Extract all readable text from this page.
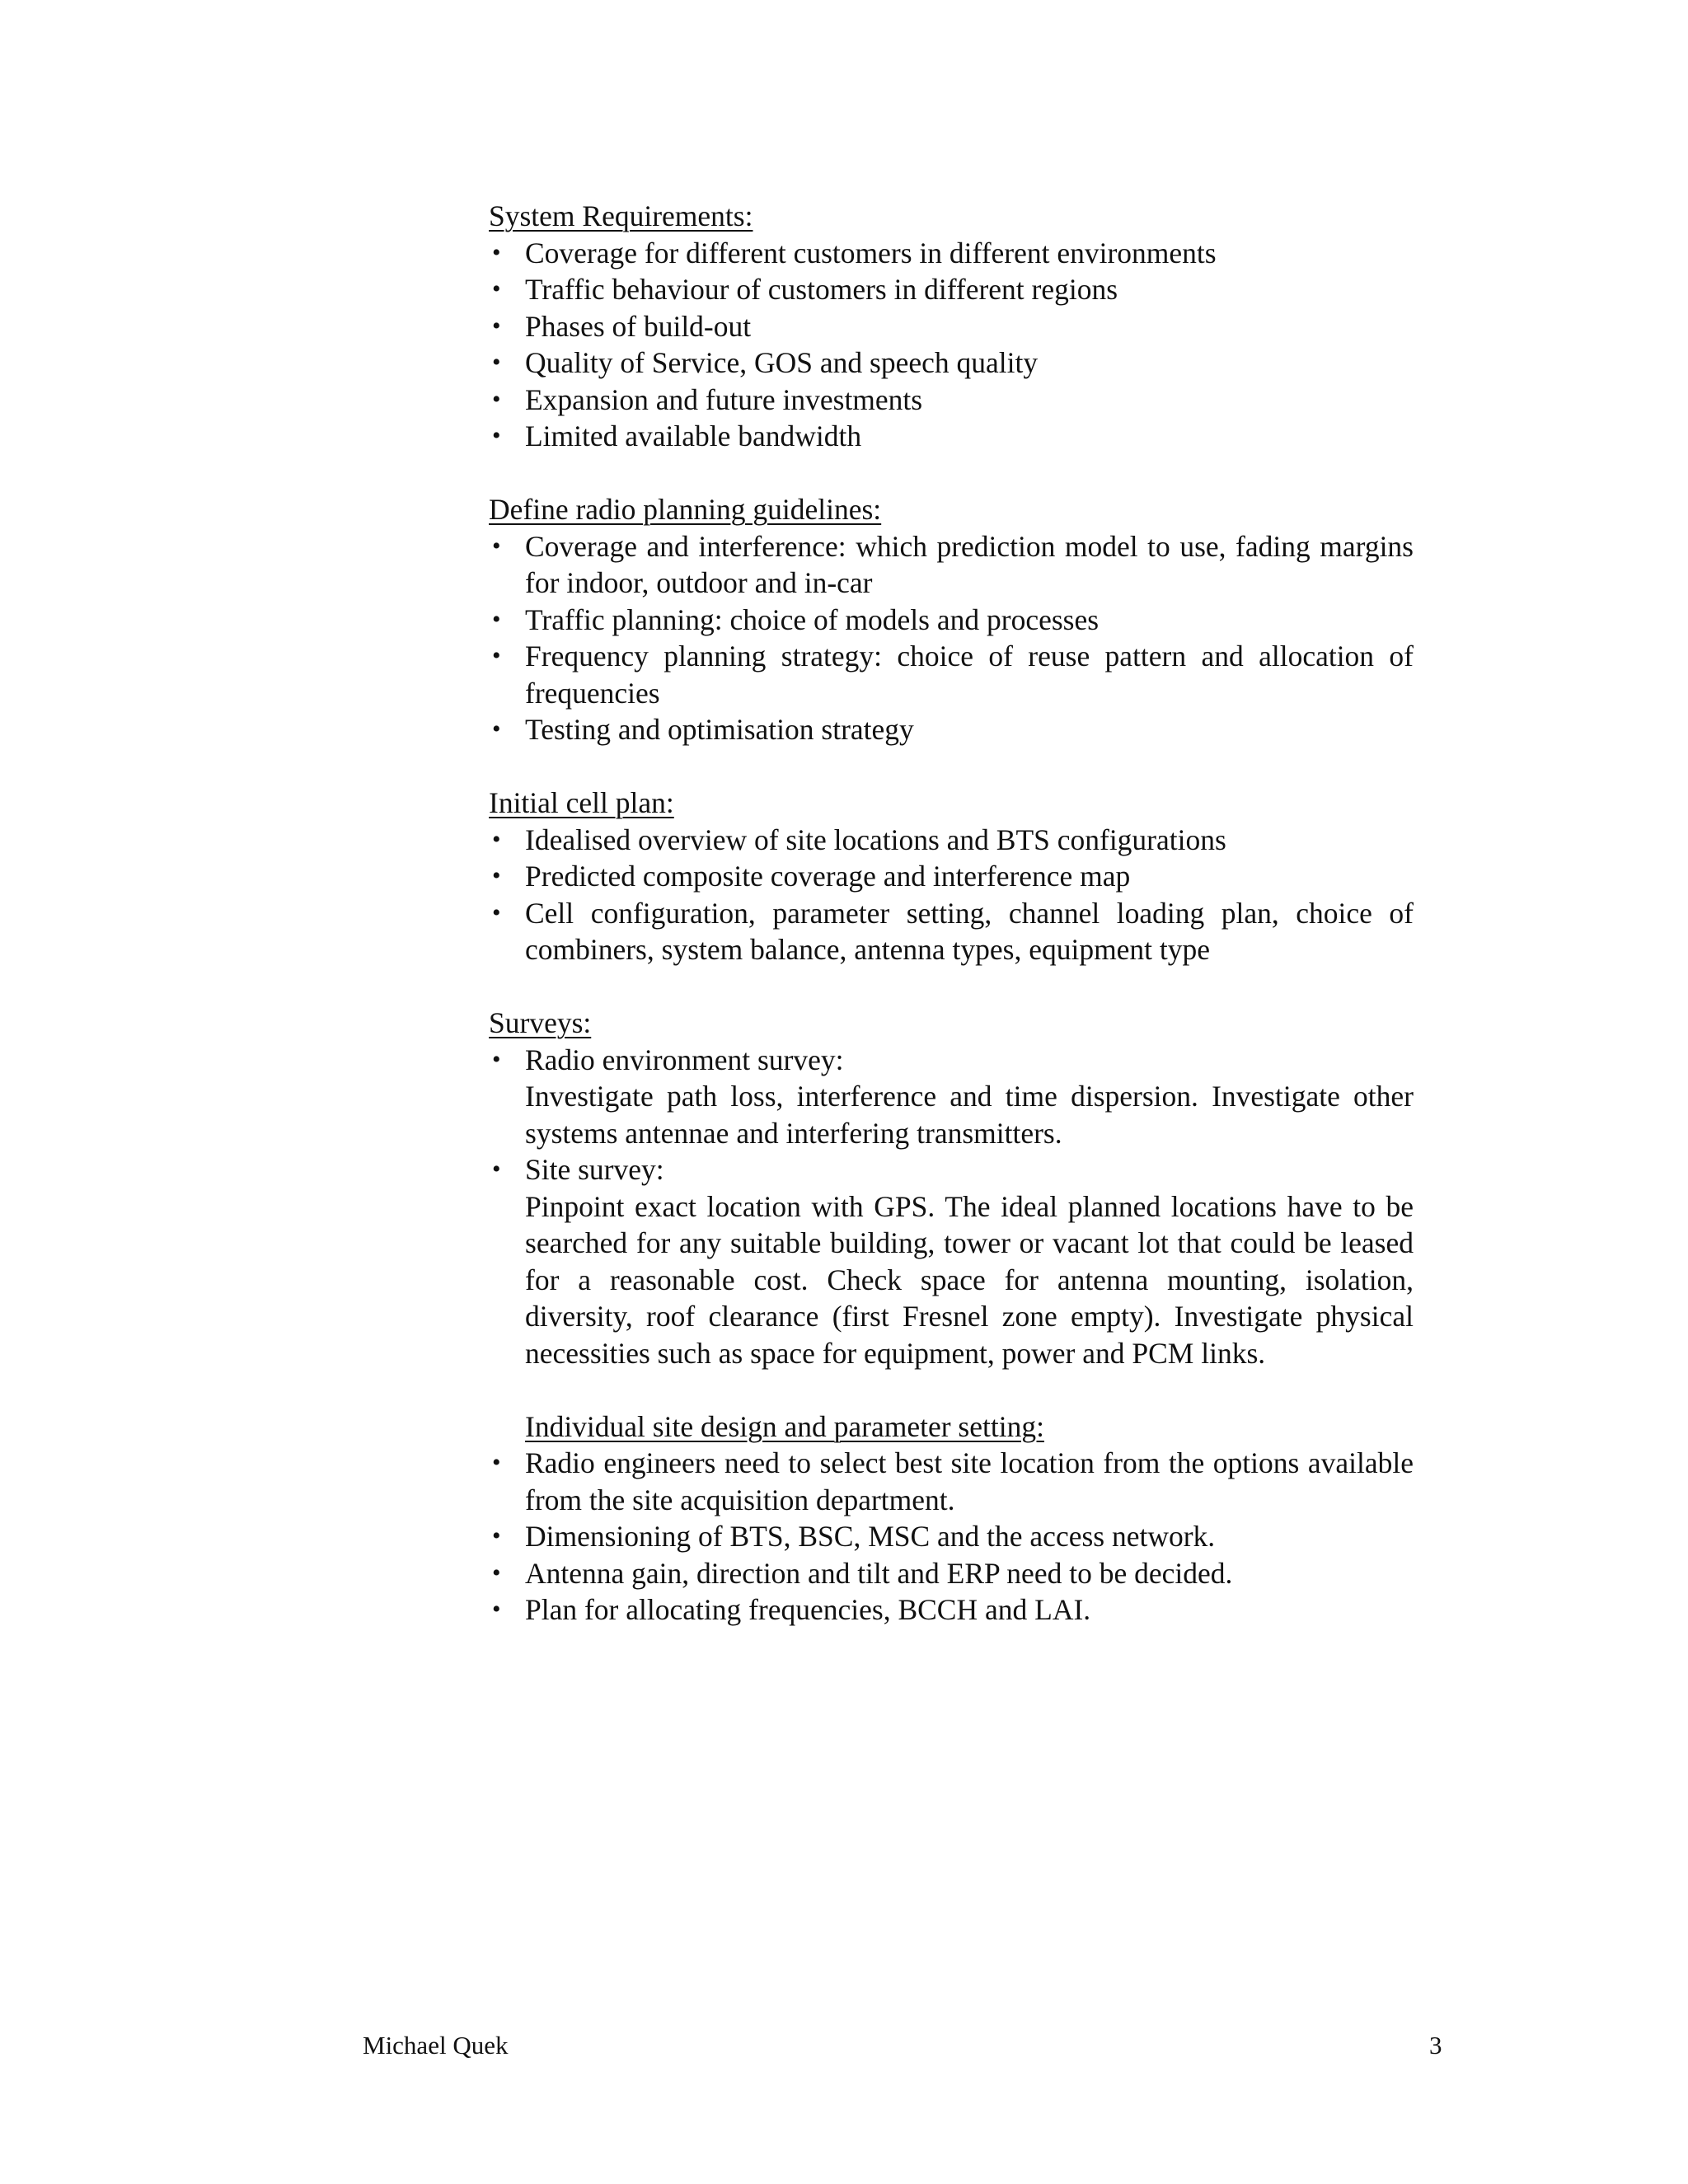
System Requirements:
• Coverage for different customers in different environments
• Traffic behaviour of customers in different regions
• Phases of build-out
• Quality of Service, GOS and speech quality
• Expansion and future investments
• Limited available bandwidth
Define radio planning guidelines:
• Coverage and interference: which prediction model to use, fading margins for indoor, outdoor and in-car
• Traffic planning: choice of models and processes
• Frequency planning strategy: choice of reuse pattern and allocation of frequencies
• Testing and optimisation strategy
Initial cell plan:
• Idealised overview of site locations and BTS configurations
• Predicted composite coverage and interference map
• Cell configuration, parameter setting, channel loading plan, choice of combiners, system balance, antenna types, equipment type
Surveys:
• Radio environment survey:
Investigate path loss, interference and time dispersion. Investigate other systems antennae and interfering transmitters.
• Site survey:
Pinpoint exact location with GPS. The ideal planned locations have to be searched for any suitable building, tower or vacant lot that could be leased for a reasonable cost. Check space for antenna mounting, isolation, diversity, roof clearance (first Fresnel zone empty). Investigate physical necessities such as space for equipment, power and PCM links.
Individual site design and parameter setting:
• Radio engineers need to select best site location from the options available from the site acquisition department.
• Dimensioning of BTS, BSC, MSC and the access network.
• Antenna gain, direction and tilt and ERP need to be decided.
• Plan for allocating frequencies, BCCH and LAI.
Michael Quek	3
